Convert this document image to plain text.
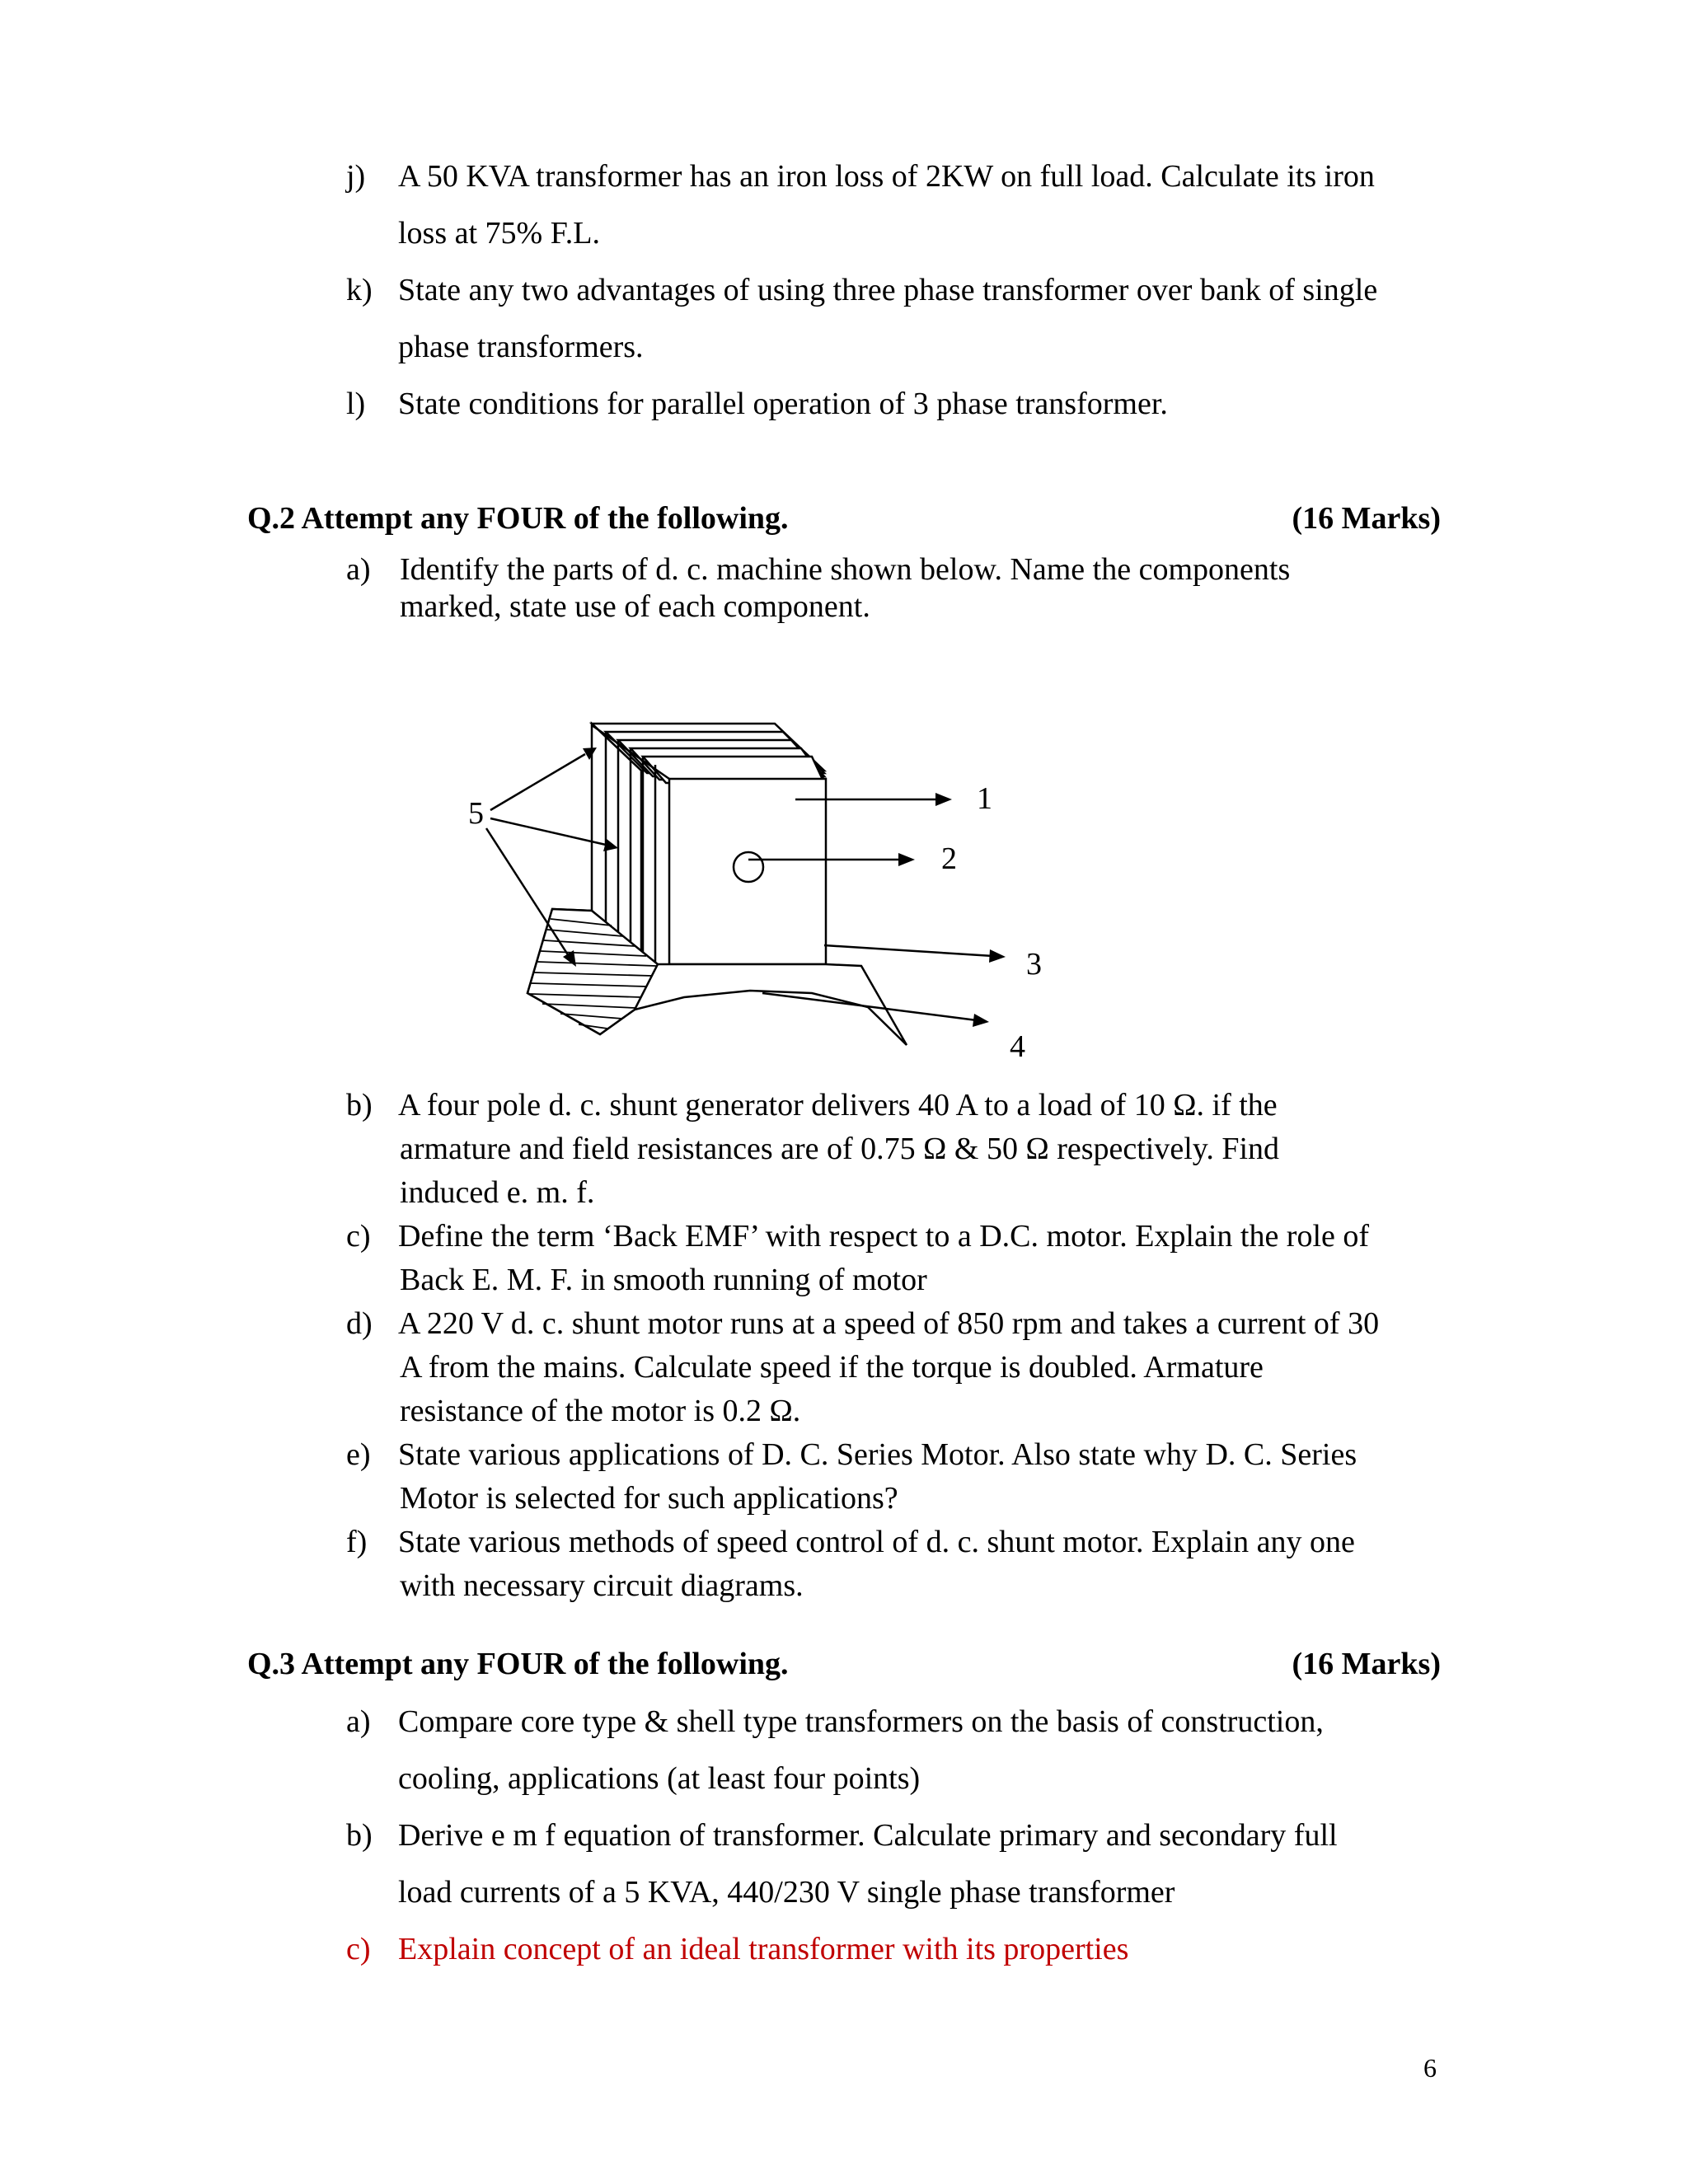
j) A 50 KVA transformer has an iron loss of 2KW on full load. Calculate its iron
loss at 75% F.L.
k) State any two advantages of using three phase transformer over bank of single
phase transformers.
l) State conditions for parallel operation of 3 phase transformer.
Q.2 Attempt any FOUR of the following.	(16 Marks)
a) Identify the parts of d. c. machine shown below. Name the components
marked, state use of each component.
1
2
3
4
5
b) A four pole d. c. shunt generator delivers 40 A to a load of 10 Ω. if the
armature and field resistances are of 0.75 Ω & 50 Ω respectively. Find
induced e. m. f.
c) Define the term ‘Back EMF’ with respect to a D.C. motor. Explain the role of
Back E. M. F. in smooth running of motor
d) A 220 V d. c. shunt motor runs at a speed of 850 rpm and takes a current of 30
A from the mains. Calculate speed if the torque is doubled. Armature
resistance of the motor is 0.2 Ω.
e) State various applications of D. C. Series Motor. Also state why D. C. Series
Motor is selected for such applications?
f) State various methods of speed control of d. c. shunt motor. Explain any one
with necessary circuit diagrams.
Q.3 Attempt any FOUR of the following.	(16 Marks)
a) Compare core type & shell type transformers on the basis of construction,
cooling, applications (at least four points)
b) Derive e m f equation of transformer. Calculate primary and secondary full
load currents of a 5 KVA, 440/230 V single phase transformer
c) Explain concept of an ideal transformer with its properties
6
